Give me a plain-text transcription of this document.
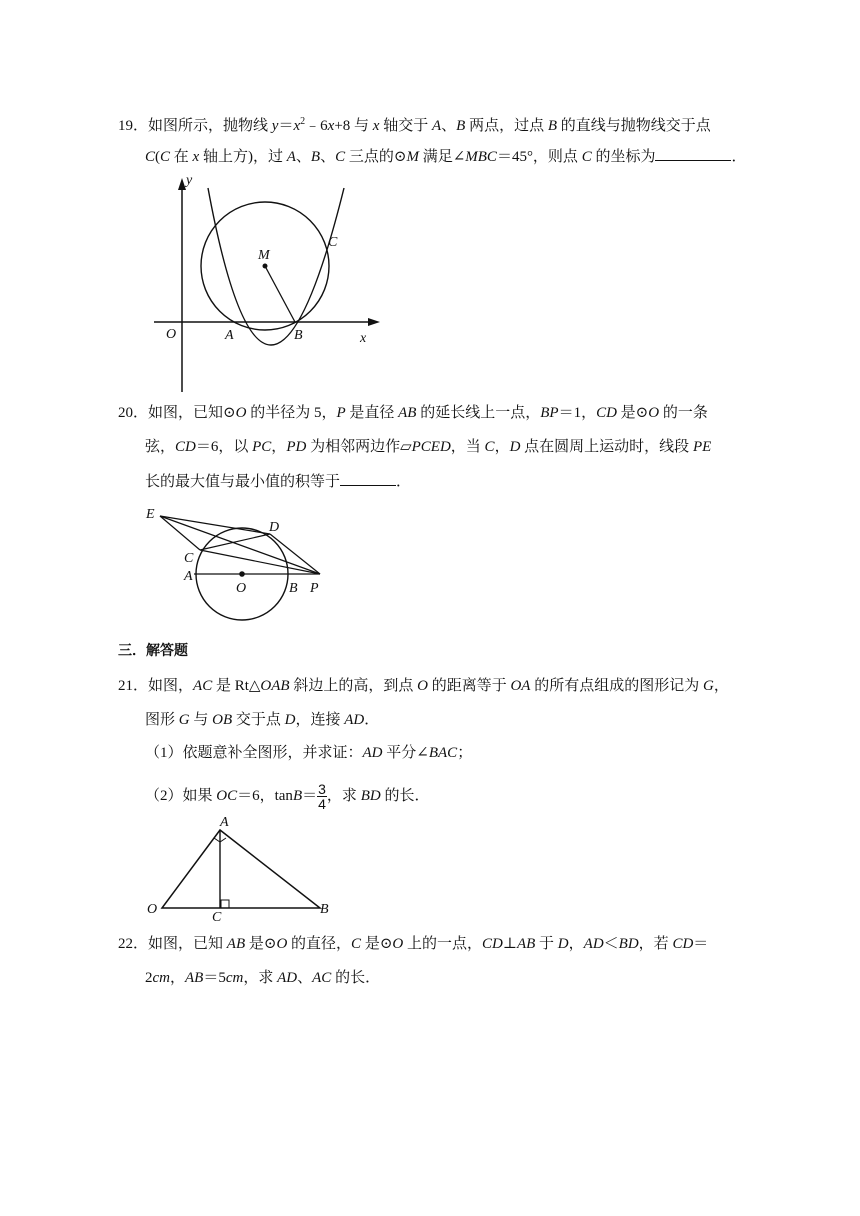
19．如图所示，抛物线 $y=x^2﹣6x+8$ 与 x 轴交于 A、B 两点，过点 B 的直线与抛物线交于点
C(C 在 x 轴上方)，过 A、B、C 三点的⊙M 满足∠MBC＝45°，则点 C 的坐标为	．
y
M
C
O	A	B	x
20．如图，已知⊙O 的半径为 5，P 是直径 AB 的延长线上一点，BP＝1，CD 是⊙O 的一条
弦，CD＝6，以 PC，PD 为相邻两边作▱PCED，当 C，D 点在圆周上运动时，线段 PE
长的最大值与最小值的积等于	．
E
D
C
A
O	B P
三．解答题
21．如图，AC 是 Rt△OAB 斜边上的高，到点 O 的距离等于 OA 的所有点组成的图形记为 G，
图形 G 与 OB 交于点 D，连接 AD．
（1）依题意补全图形，并求证：AD 平分∠BAC；
（2）如果 OC＝6，$\tan B= \frac{3}{4}$ ，求 BD 的长．
A
O
C
B
22．如图，已知 AB 是⊙O 的直径，C 是⊙O 上的一点，CD⊥AB 于 D，AD＜BD，若 CD＝
2cm，AB＝5cm，求 AD、AC 的长．
